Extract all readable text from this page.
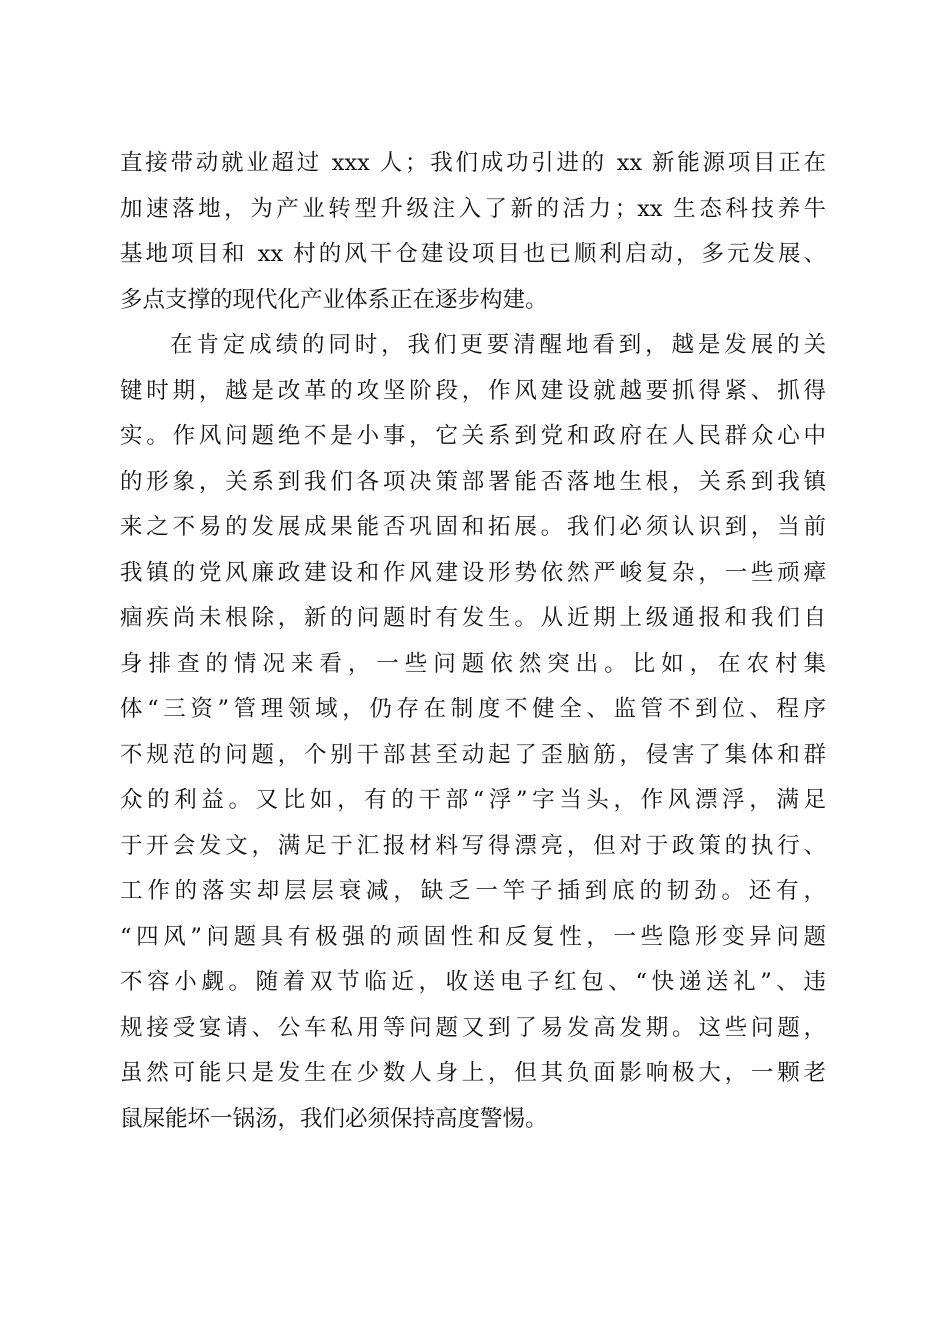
直接带动就业超过 xxx 人；我们成功引进的 xx 新能源项目正在
加速落地，为产业转型升级注入了新的活力；xx 生态科技养牛
基地项目和 xx 村的风干仓建设项目也已顺利启动，多元发展、
多点支撑的现代化产业体系正在逐步构建。
在肯定成绩的同时，我们更要清醒地看到，越是发展的关
键时期，越是改革的攻坚阶段，作风建设就越要抓得紧、抓得
实。作风问题绝不是小事，它关系到党和政府在人民群众心中
的形象，关系到我们各项决策部署能否落地生根，关系到我镇
来之不易的发展成果能否巩固和拓展。我们必须认识到，当前
我镇的党风廉政建设和作风建设形势依然严峻复杂，一些顽瘴
痼疾尚未根除，新的问题时有发生。从近期上级通报和我们自
身排查的情况来看，一些问题依然突出。比如，在农村集
体“三资”管理领域，仍存在制度不健全、监管不到位、程序
不规范的问题，个别干部甚至动起了歪脑筋，侵害了集体和群
众的利益。又比如，有的干部“浮”字当头，作风漂浮，满足
于开会发文，满足于汇报材料写得漂亮，但对于政策的执行、
工作的落实却层层衰减，缺乏一竿子插到底的韧劲。还有，
“四风”问题具有极强的顽固性和反复性，一些隐形变异问题
不容小觑。随着双节临近，收送电子红包、“快递送礼”、违
规接受宴请、公车私用等问题又到了易发高发期。这些问题，
虽然可能只是发生在少数人身上，但其负面影响极大，一颗老
鼠屎能坏一锅汤，我们必须保持高度警惕。
